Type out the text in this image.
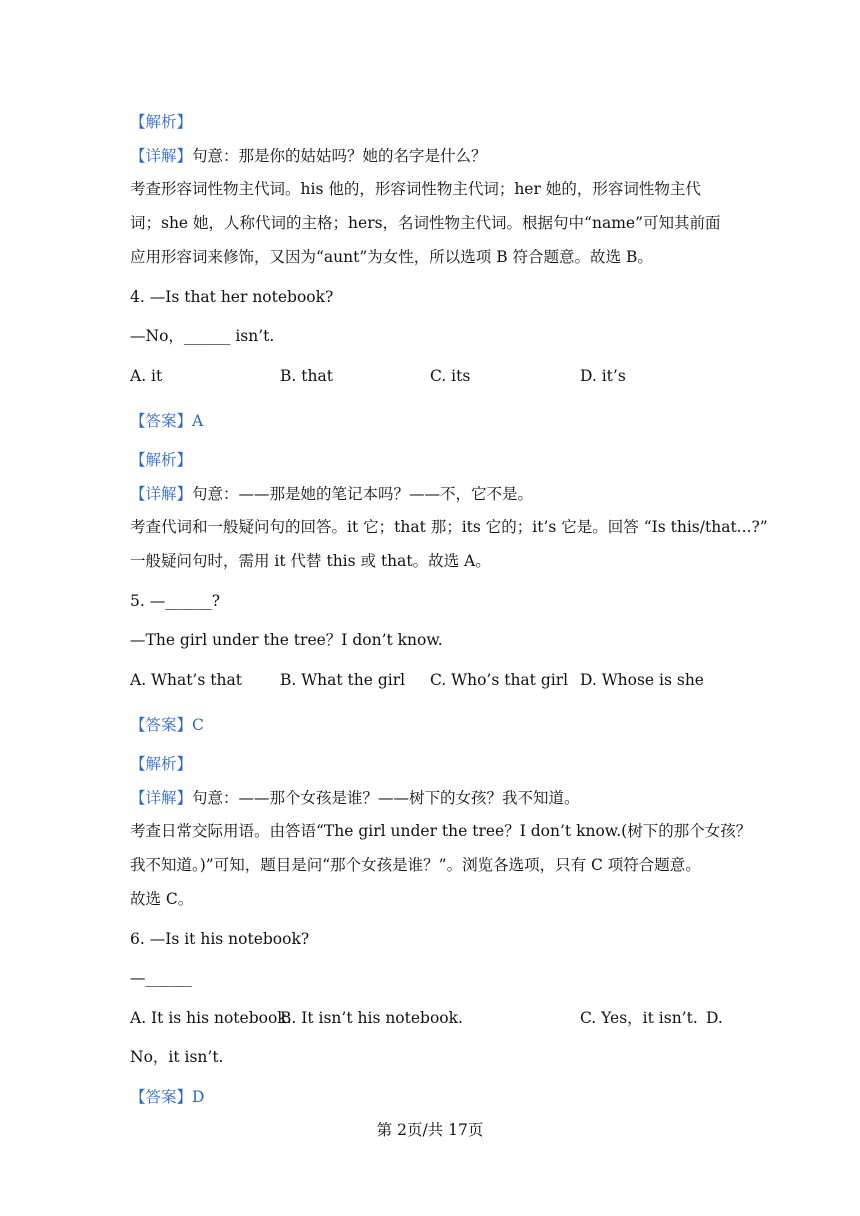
【解析】
【详解】句意：那是你的姑姑吗？她的名字是什么？
考查形容词性物主代词。his 他的，形容词性物主代词；her 她的，形容词性物主代
词；she 她，人称代词的主格；hers，名词性物主代词。根据句中“name”可知其前面
应用形容词来修饰，又因为“aunt”为女性，所以选项 B 符合题意。故选 B。
4. —Is that her notebook?
—No，______ isn’t.
A. it	B. that	C. its	D. it’s
【答案】A
【解析】
【详解】句意：——那是她的笔记本吗？——不，它不是。
考查代词和一般疑问句的回答。it 它；that 那；its 它的；it’s 它是。回答 “Is this/that...?”
一般疑问句时，需用 it 代替 this 或 that。故选 A。
5. —______?
—The girl under the tree？I don’t know.
A. What’s that B. What the girl C. Who’s that girl D. Whose is she
【答案】C
【解析】
【详解】句意：——那个女孩是谁？——树下的女孩？我不知道。
考查日常交际用语。由答语“The girl under the tree？I don’t know.(树下的那个女孩？
我不知道。)”可知，题目是问“那个女孩是谁？”。浏览各选项，只有 C 项符合题意。
故选 C。
6. —Is it his notebook?
—______
A. It is his notebook.
B. It isn’t his notebook.	C. Yes，it isn’t. D.
No，it isn’t.
【答案】D
第 2页/共 17页
